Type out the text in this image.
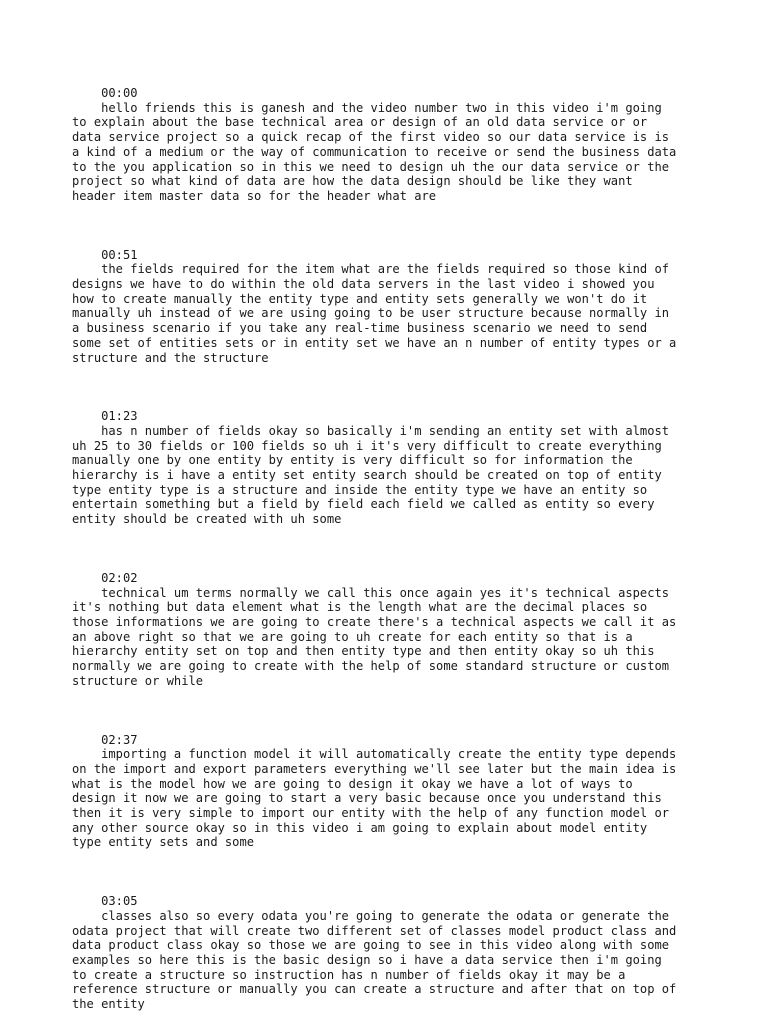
00:00
hello friends this is ganesh and the video number two in this video i'm going
to explain about the base technical area or design of an old data service or or
data service project so a quick recap of the first video so our data service is is
a kind of a medium or the way of communication to receive or send the business data
to the you application so in this we need to design uh the our data service or the
project so what kind of data are how the data design should be like they want
header item master data so for the header what are
00:51
the fields required for the item what are the fields required so those kind of
designs we have to do within the old data servers in the last video i showed you
how to create manually the entity type and entity sets generally we won't do it
manually uh instead of we are using going to be user structure because normally in
a business scenario if you take any real-time business scenario we need to send
some set of entities sets or in entity set we have an n number of entity types or a
structure and the structure
01:23
has n number of fields okay so basically i'm sending an entity set with almost
uh 25 to 30 fields or 100 fields so uh i it's very difficult to create everything
manually one by one entity by entity is very difficult so for information the
hierarchy is i have a entity set entity search should be created on top of entity
type entity type is a structure and inside the entity type we have an entity so
entertain something but a field by field each field we called as entity so every
entity should be created with uh some
02:02
technical um terms normally we call this once again yes it's technical aspects
it's nothing but data element what is the length what are the decimal places so
those informations we are going to create there's a technical aspects we call it as
an above right so that we are going to uh create for each entity so that is a
hierarchy entity set on top and then entity type and then entity okay so uh this
normally we are going to create with the help of some standard structure or custom
structure or while
02:37
importing a function model it will automatically create the entity type depends
on the import and export parameters everything we'll see later but the main idea is
what is the model how we are going to design it okay we have a lot of ways to
design it now we are going to start a very basic because once you understand this
then it is very simple to import our entity with the help of any function model or
any other source okay so in this video i am going to explain about model entity
type entity sets and some
03:05
classes also so every odata you're going to generate the odata or generate the
odata project that will create two different set of classes model product class and
data product class okay so those we are going to see in this video along with some
examples so here this is the basic design so i have a data service then i'm going
to create a structure so instruction has n number of fields okay it may be a
reference structure or manually you can create a structure and after that on top of
the entity
